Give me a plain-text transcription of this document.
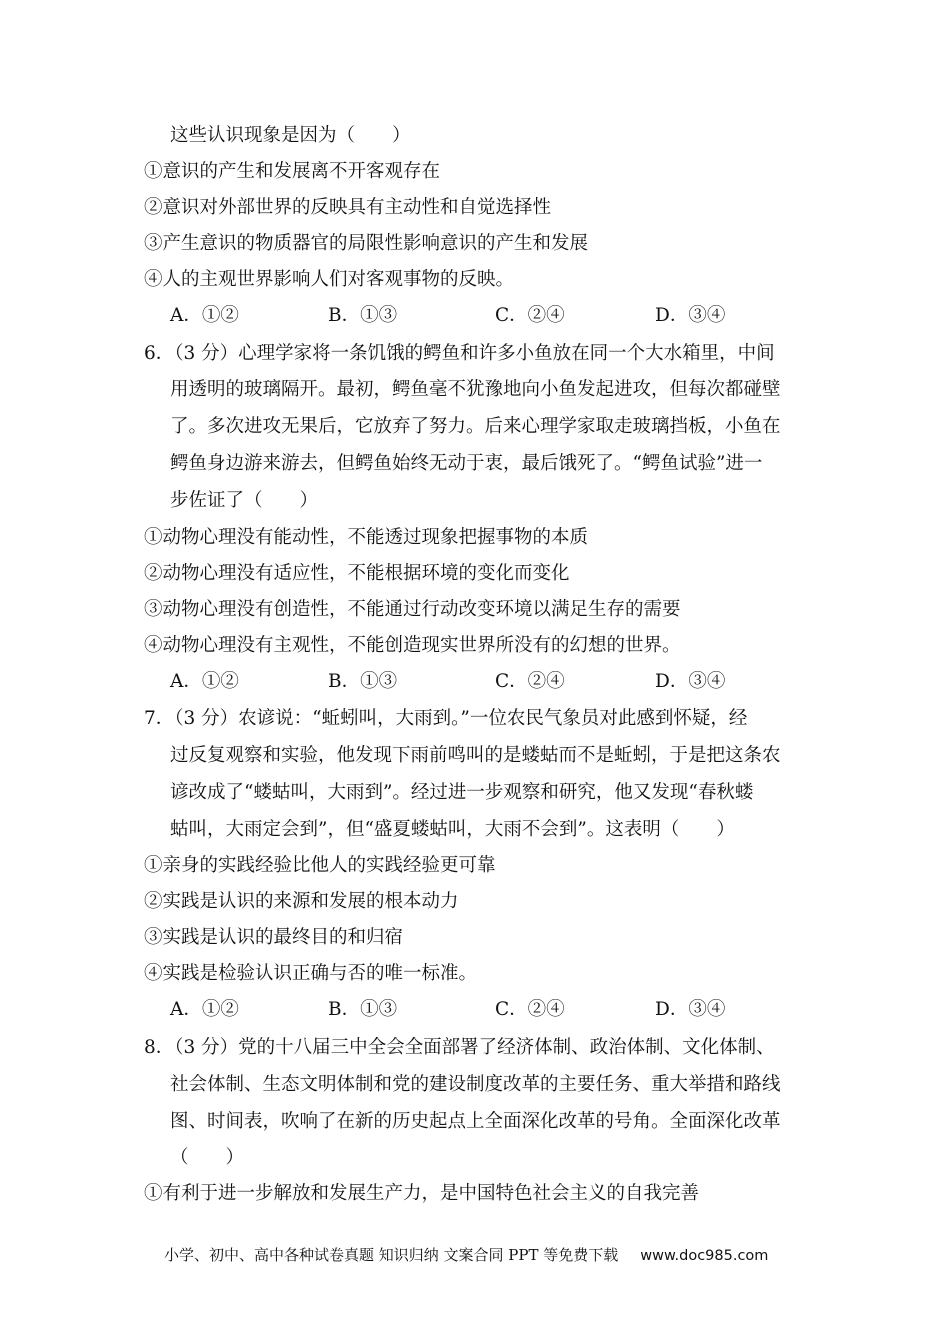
这些认识现象是因为（　　）
①意识的产生和发展离不开客观存在
②意识对外部世界的反映具有主动性和自觉选择性
③产生意识的物质器官的局限性影响意识的产生和发展
④人的主观世界影响人们对客观事物的反映。
A．①②	B．①③	C．②④	D．③④
6．（3 分）心理学家将一条饥饿的鳄鱼和许多小鱼放在同一个大水箱里，中间
用透明的玻璃隔开。最初，鳄鱼毫不犹豫地向小鱼发起进攻，但每次都碰壁
了。多次进攻无果后，它放弃了努力。后来心理学家取走玻璃挡板，小鱼在
鳄鱼身边游来游去，但鳄鱼始终无动于衷，最后饿死了。“鳄鱼试验”进一
步佐证了（　　）
①动物心理没有能动性，不能透过现象把握事物的本质
②动物心理没有适应性，不能根据环境的变化而变化
③动物心理没有创造性，不能通过行动改变环境以满足生存的需要
④动物心理没有主观性，不能创造现实世界所没有的幻想的世界。
A．①②	B．①③	C．②④	D．③④
7．（3 分）农谚说：“蚯蚓叫，大雨到。”一位农民气象员对此感到怀疑，经
过反复观察和实验，他发现下雨前鸣叫的是蝼蛄而不是蚯蚓，于是把这条农
谚改成了“蝼蛄叫，大雨到”。经过进一步观察和研究，他又发现“春秋蝼
蛄叫，大雨定会到”，但“盛夏蝼蛄叫，大雨不会到”。这表明（　　）
①亲身的实践经验比他人的实践经验更可靠
②实践是认识的来源和发展的根本动力
③实践是认识的最终目的和归宿
④实践是检验认识正确与否的唯一标准。
A．①②	B．①③	C．②④	D．③④
8．（3 分）党的十八届三中全会全面部署了经济体制、政治体制、文化体制、
社会体制、生态文明体制和党的建设制度改革的主要任务、重大举措和路线
图、时间表，吹响了在新的历史起点上全面深化改革的号角。全面深化改革
（　　）
①有利于进一步解放和发展生产力，是中国特色社会主义的自我完善
小学、初中、高中各种试卷真题 知识归纳 文案合同 PPT 等免费下载 www.doc985.com
